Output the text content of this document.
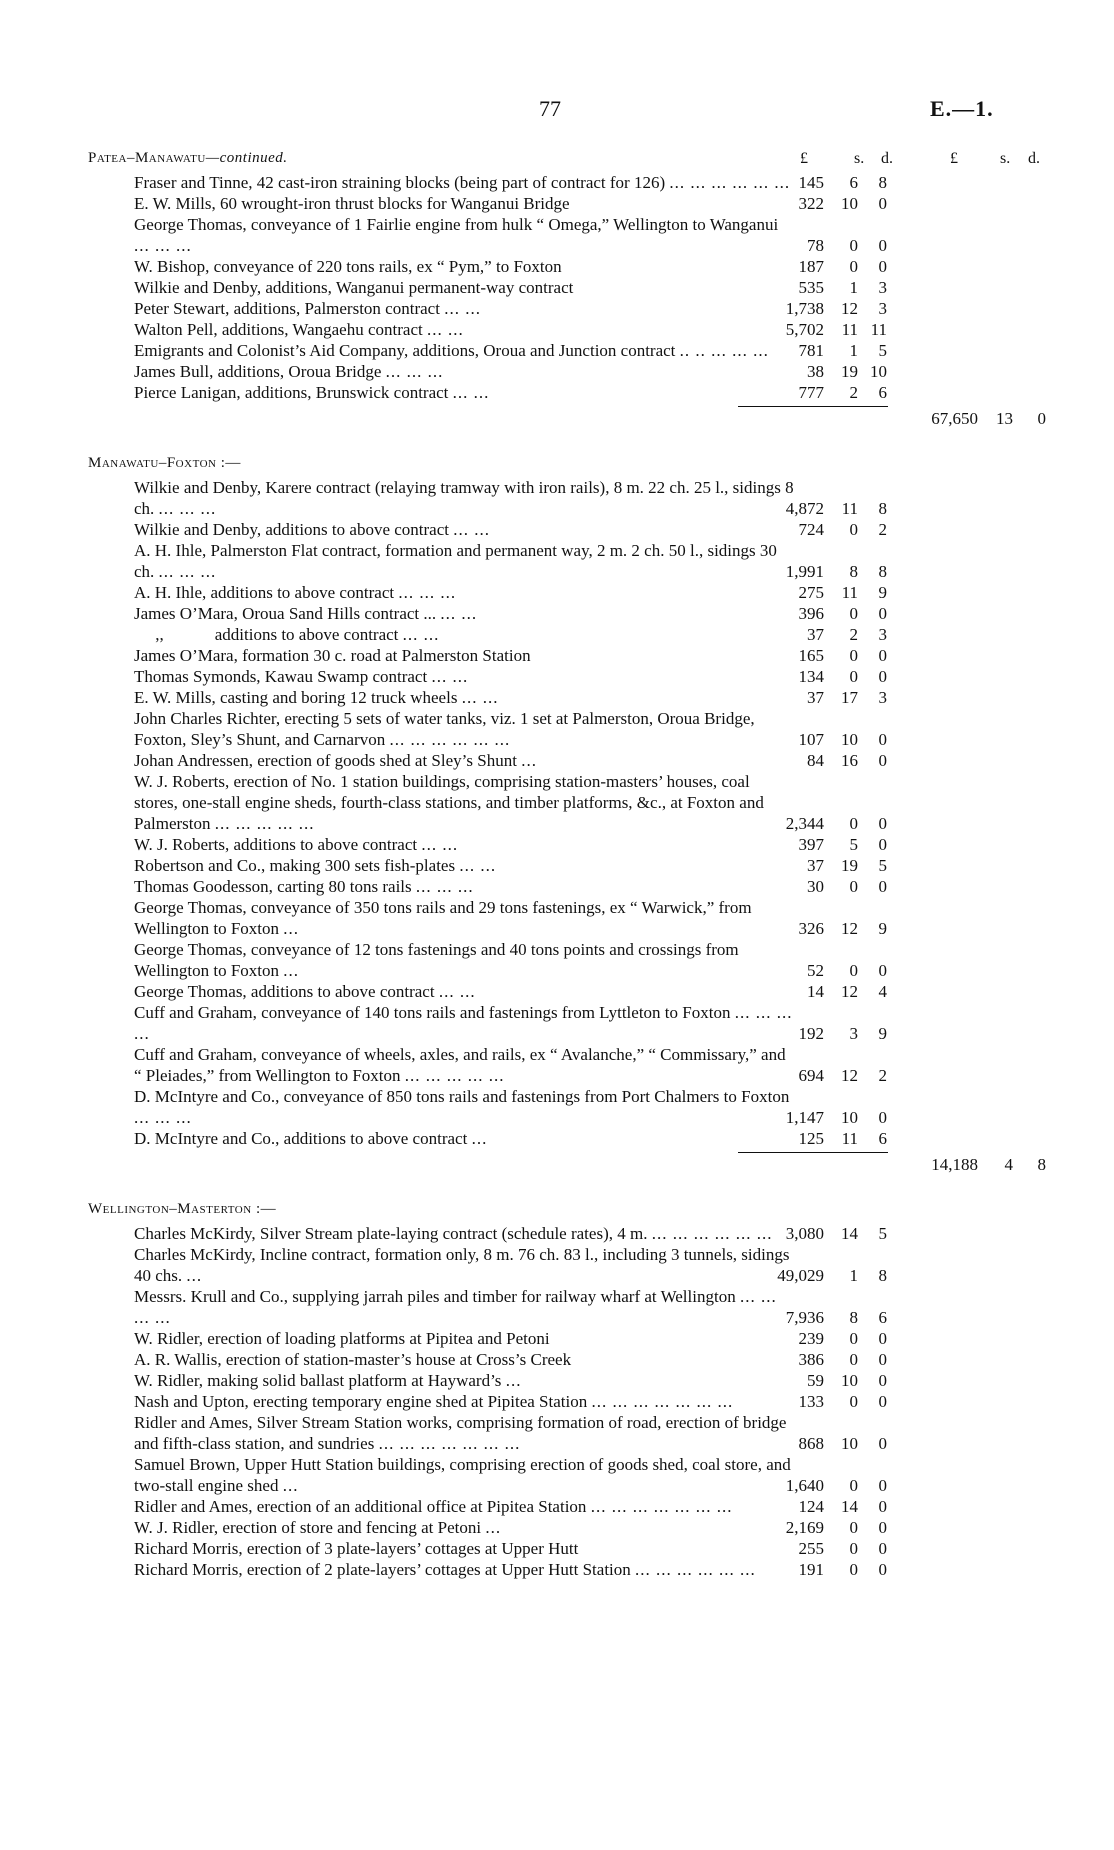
77	E.—1.
Patea–Manawatu—continued.	£	s. d.	£	s. d.
Fraser and Tinne, 42 cast-iron straining blocks (being part of contract for 126) ... ... ... ... ... ... 145	6	8
E. W. Mills, 60 wrought-iron thrust blocks for Wanganui Bridge	322	10	0
George Thomas, conveyance of 1 Fairlie engine from hulk “ Omega,” Wellington to Wanganui ... ... ...	78	0	0
W. Bishop, conveyance of 220 tons rails, ex “ Pym,” to Foxton	187	0	0
Wilkie and Denby, additions, Wanganui permanent-way contract	535	1	3
Peter Stewart, additions, Palmerston contract ... ...	1,738	12	3
Walton Pell, additions, Wangaehu contract ... ...	5,702	11 11
Emigrants and Colonist’s Aid Company, additions, Oroua and Junction contract .. .. ... ... ...	781	1	5
James Bull, additions, Oroua Bridge ... ... ...	38	19 10
Pierce Lanigan, additions, Brunswick contract ... ...	777	2	6
67,650	13	0
Manawatu–Foxton :—
Wilkie and Denby, Karere contract (relaying tramway with iron rails), 8 m. 22 ch. 25 l., sidings 8 ch. ... ... ...	4,872	11	8
Wilkie and Denby, additions to above contract ... ...	724	0	2
A. H. Ihle, Palmerston Flat contract, formation and permanent way, 2 m. 2 ch. 50 l., sidings 30 ch. ... ... ...	1,991	8	8
A. H. Ihle, additions to above contract ... ... ...	275	11	9
James O’Mara, Oroua Sand Hills contract ... ... ...	396	0	0
,,            additions to above contract ... ...	37	2	3
James O’Mara, formation 30 c. road at Palmerston Station	165	0	0
Thomas Symonds, Kawau Swamp contract ... ...	134	0	0
E. W. Mills, casting and boring 12 truck wheels ... ...	37	17	3
John Charles Richter, erecting 5 sets of water tanks, viz. 1 set at Palmerston, Oroua Bridge, Foxton, Sley’s Shunt, and Carnarvon ... ... ... ... ... ...	107	10	0
Johan Andressen, erection of goods shed at Sley’s Shunt ...	84	16	0
W. J. Roberts, erection of No. 1 station buildings, comprising station-masters’ houses, coal stores, one-stall engine sheds, fourth-class stations, and timber platforms, &c., at Foxton and Palmerston ... ... ... ... ...	2,344	0	0
W. J. Roberts, additions to above contract ... ...	397	5	0
Robertson and Co., making 300 sets fish-plates ... ...	37	19	5
Thomas Goodesson, carting 80 tons rails ... ... ...	30	0	0
George Thomas, conveyance of 350 tons rails and 29 tons fastenings, ex “ Warwick,” from Wellington to Foxton ...	326	12	9
George Thomas, conveyance of 12 tons fastenings and 40 tons points and crossings from Wellington to Foxton ...	52	0	0
George Thomas, additions to above contract ... ...	14	12	4
Cuff and Graham, conveyance of 140 tons rails and fastenings from Lyttleton to Foxton ... ... ... ...	192	3	9
Cuff and Graham, conveyance of wheels, axles, and rails, ex “ Avalanche,” “ Commissary,” and “ Pleiades,” from Wellington to Foxton ... ... ... ... ...	694	12	2
D. McIntyre and Co., conveyance of 850 tons rails and fastenings from Port Chalmers to Foxton ... ... ...	1,147	10	0
D. McIntyre and Co., additions to above contract ...	125	11	6
14,188	4	8
Wellington–Masterton :—
Charles McKirdy, Silver Stream plate-laying contract (schedule rates), 4 m. ... ... ... ... ... ... 3,080	14	5
Charles McKirdy, Incline contract, formation only, 8 m. 76 ch. 83 l., including 3 tunnels, sidings 40 chs. ...	49,029	1	8
Messrs. Krull and Co., supplying jarrah piles and timber for railway wharf at Wellington ... ... ... ...	7,936	8	6
W. Ridler, erection of loading platforms at Pipitea and Petoni	239	0	0
A. R. Wallis, erection of station-master’s house at Cross’s Creek	386	0	0
W. Ridler, making solid ballast platform at Hayward’s ...	59	10	0
Nash and Upton, erecting temporary engine shed at Pipitea Station ... ... ... ... ... ... ...	133	0	0
Ridler and Ames, Silver Stream Station works, comprising formation of road, erection of bridge and fifth-class station, and sundries ... ... ... ... ... ... ...	868	10	0
Samuel Brown, Upper Hutt Station buildings, comprising erection of goods shed, coal store, and two-stall engine shed ...	1,640	0	0
Ridler and Ames, erection of an additional office at Pipitea Station ... ... ... ... ... ... ...	124	14	0
W. J. Ridler, erection of store and fencing at Petoni ...	2,169	0	0
Richard Morris, erection of 3 plate-layers’ cottages at Upper Hutt	255	0	0
Richard Morris, erection of 2 plate-layers’ cottages at Upper Hutt Station ... ... ... ... ... ...	191	0	0
